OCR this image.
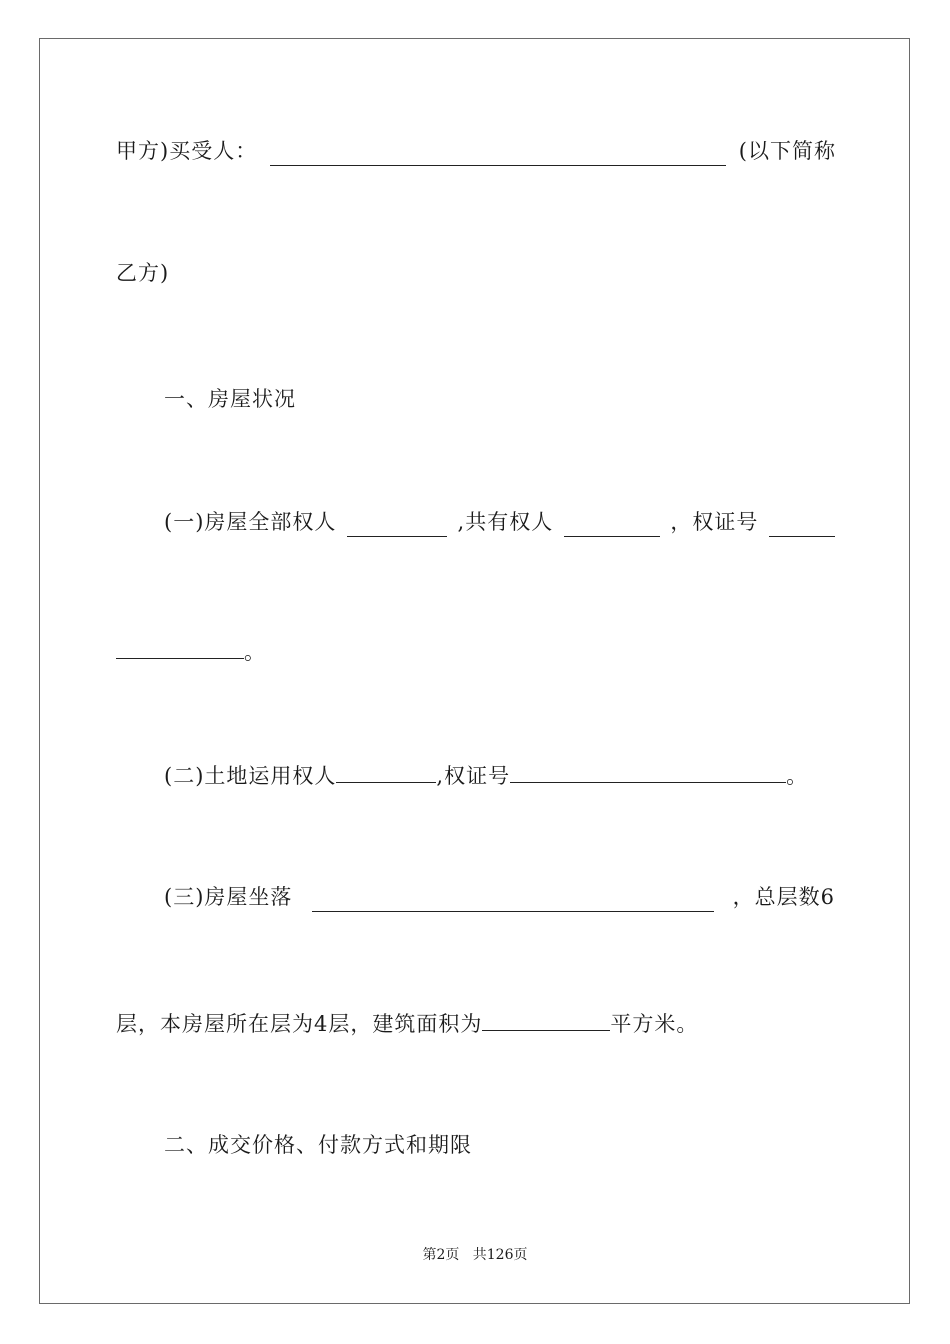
甲方)买受人：	(以下简称
乙方)
一、房屋状况
(一)房屋全部权人	,共有权人	，权证号
。
(二)土地运用权人	,权证号	。
(三)房屋坐落	，总层数6
层，本房屋所在层为4层，建筑面积为	平方米。
二、成交价格、付款方式和期限
第2页 共126页
